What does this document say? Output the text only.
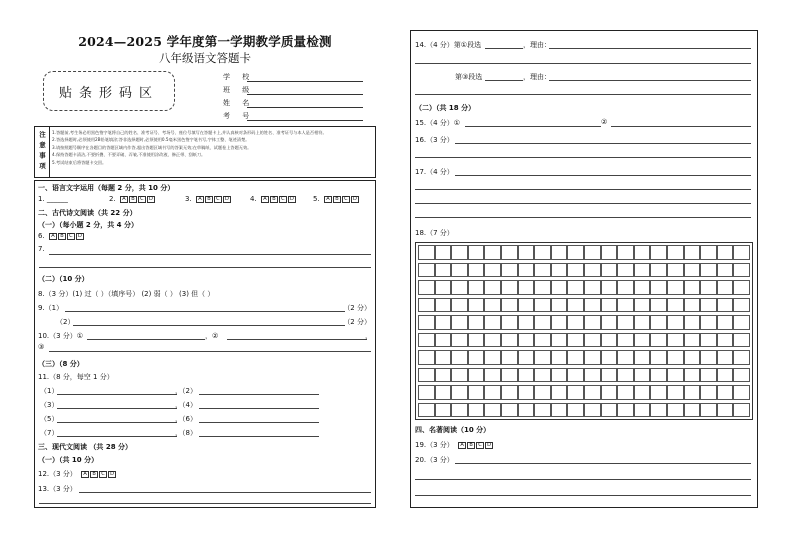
2024—2025 学年度第一学期教学质量检测
八年级语文答题卡
贴条形码区
学 校
班 级
姓 名
考 号
注意事项	1.答题前,考生务必用黑色签字笔将自己的姓名、准考证号、考场号、座位号填写在答题卡上,并认真核对条形码上的姓名、准考证号与本人是否相符。
2.答选择题时,必须使用2B铅笔填涂;答非选择题时,必须使用0.5毫米黑色签字笔书写,字体工整、笔迹清楚。
3.请按照题号顺序在各题目的答题区域内作答,超出答题区域书写的答案无效;在草稿纸、试题卷上答题无效。
4.保持答题卡清洁,不要折叠、不要弄破、弄皱,不准使用涂改液、修正带、刮纸刀。
5.考试结束后将答题卡交回。
一、语言文字运用（每题 2 分，共 10 分）
1. ______	2.	A	B	C	D	3.	A	B	C	D	4.	A	B	C	D	5.	A	B	C	D
二、古代诗文阅读（共 22 分）
（一）（每小题 2 分，共 4 分）
6.	A	B	C	D
7.
（二）（10 分）
8.（3 分）(1) 过（ ）（填序号） (2) 弱（ ） (3) 但（ ）
9.（1）	（2 分）
（2）	（2 分）
10.（3 分）①	，②	，
③
（三）（8 分）
11.（8 分，每空 1 分）
（1）	，（2）
（3）	，（4）
（5）	，（6）
（7）	，（8）
三、现代文阅读 （共 28 分）
（一）（共 10 分）
12.（3 分）	A	B	C	D
13.（3 分）
14.（4 分）第①段选	，理由：
第③段选	，理由：
（二）（共 18 分）
15.（4 分）①	②
16.（3 分）
17.（4 分）
18.（7 分）
四、名著阅读（10 分）
19.（3 分）	A	B	C	D
20.（3 分）
